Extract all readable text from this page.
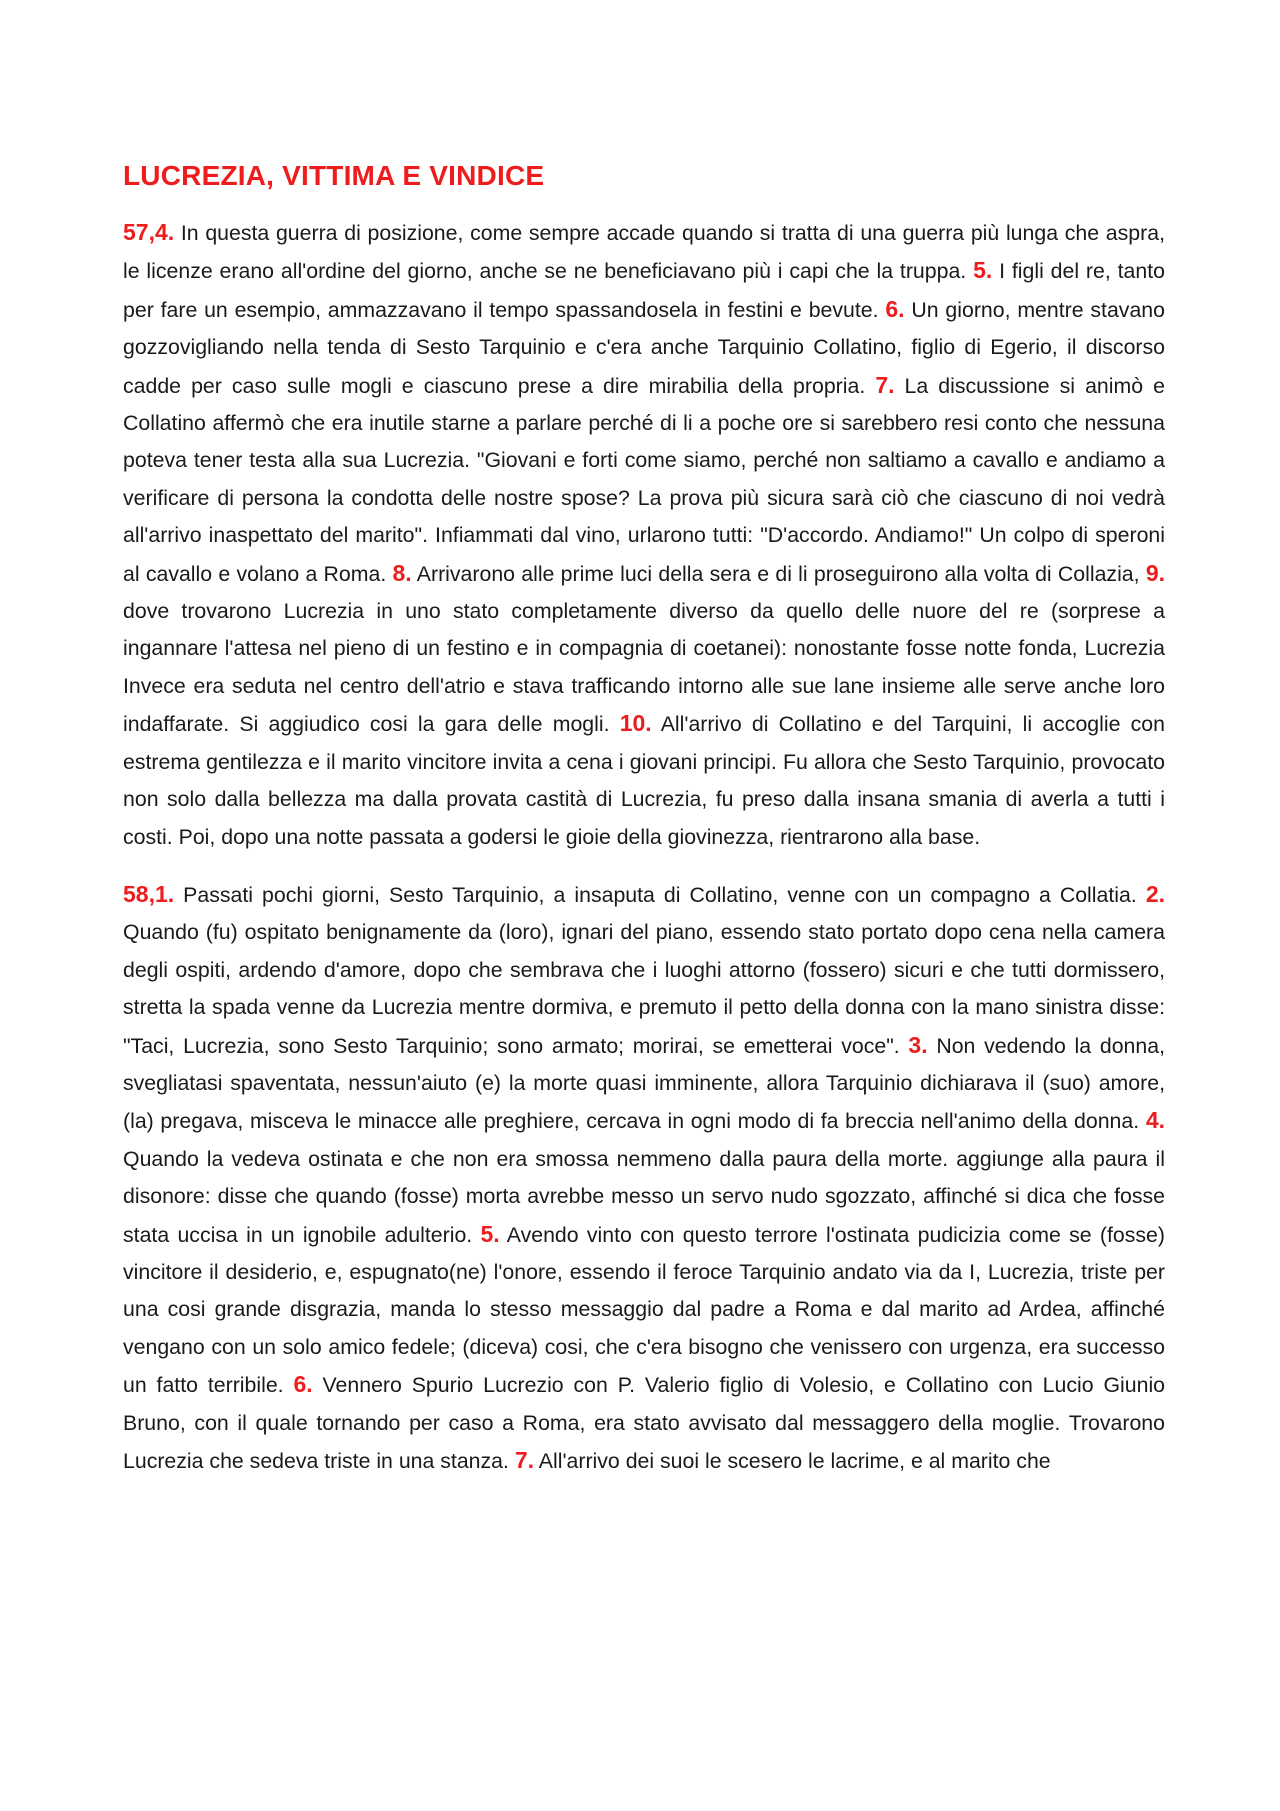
LUCREZIA, VITTIMA E VINDICE

57,4. In questa guerra di posizione, come sempre accade quando si tratta di una guerra più lunga che aspra, le licenze erano all'ordine del giorno, anche se ne beneficiavano più i capi che la truppa. 5. I figli del re, tanto per fare un esempio, ammazzavano il tempo spassandosela in festini e bevute. 6. Un giorno, mentre stavano gozzovigliando nella tenda di Sesto Tarquinio e c'era anche Tarquinio Collatino, figlio di Egerio, il discorso cadde per caso sulle mogli e ciascuno prese a dire mirabilia della propria. 7. La discussione si animò e Collatino affermò che era inutile starne a parlare perché di li a poche ore si sarebbero resi conto che nessuna poteva tener testa alla sua Lucrezia. "Giovani e forti come siamo, perché non saltiamo a cavallo e andiamo a verificare di persona la condotta delle nostre spose? La prova più sicura sarà ciò che ciascuno di noi vedrà all'arrivo inaspettato del marito". Infiammati dal vino, urlarono tutti: "D'accordo. Andiamo!" Un colpo di speroni al cavallo e volano a Roma. 8. Arrivarono alle prime luci della sera e di li proseguirono alla volta di Collazia, 9. dove trovarono Lucrezia in uno stato completamente diverso da quello delle nuore del re (sorprese a ingannare l'attesa nel pieno di un festino e in compagnia di coetanei): nonostante fosse notte fonda, Lucrezia Invece era seduta nel centro dell'atrio e stava trafficando intorno alle sue lane insieme alle serve anche loro indaffarate. Si aggiudico cosi la gara delle mogli. 10. All'arrivo di Collatino e del Tarquini, li accoglie con estrema gentilezza e il marito vincitore invita a cena i giovani principi. Fu allora che Sesto Tarquinio, provocato non solo dalla bellezza ma dalla provata castità di Lucrezia, fu preso dalla insana smania di averla a tutti i costi. Poi, dopo una notte passata a godersi le gioie della giovinezza, rientrarono alla base.

58,1. Passati pochi giorni, Sesto Tarquinio, a insaputa di Collatino, venne con un compagno a Collatia. 2. Quando (fu) ospitato benignamente da (loro), ignari del piano, essendo stato portato dopo cena nella camera degli ospiti, ardendo d'amore, dopo che sembrava che i luoghi attorno (fossero) sicuri e che tutti dormissero, stretta la spada venne da Lucrezia mentre dormiva, e premuto il petto della donna con la mano sinistra disse: "Taci, Lucrezia, sono Sesto Tarquinio; sono armato; morirai, se emetterai voce". 3. Non vedendo la donna, svegliatasi spaventata, nessun'aiuto (e) la morte quasi imminente, allora Tarquinio dichiarava il (suo) amore, (la) pregava, misceva le minacce alle preghiere, cercava in ogni modo di fa breccia nell'animo della donna. 4. Quando la vedeva ostinata e che non era smossa nemmeno dalla paura della morte. aggiunge alla paura il disonore: disse che quando (fosse) morta avrebbe messo un servo nudo sgozzato, affinché si dica che fosse stata uccisa in un ignobile adulterio. 5. Avendo vinto con questo terrore l'ostinata pudicizia come se (fosse) vincitore il desiderio, e, espugnato(ne) l'onore, essendo il feroce Tarquinio andato via da I, Lucrezia, triste per una cosi grande disgrazia, manda lo stesso messaggio dal padre a Roma e dal marito ad Ardea, affinché vengano con un solo amico fedele; (diceva) cosi, che c'era bisogno che venissero con urgenza, era successo un fatto terribile. 6. Vennero Spurio Lucrezio con P. Valerio figlio di Volesio, e Collatino con Lucio Giunio Bruno, con il quale tornando per caso a Roma, era stato avvisato dal messaggero della moglie. Trovarono Lucrezia che sedeva triste in una stanza. 7. All'arrivo dei suoi le scesero le lacrime, e al marito che
